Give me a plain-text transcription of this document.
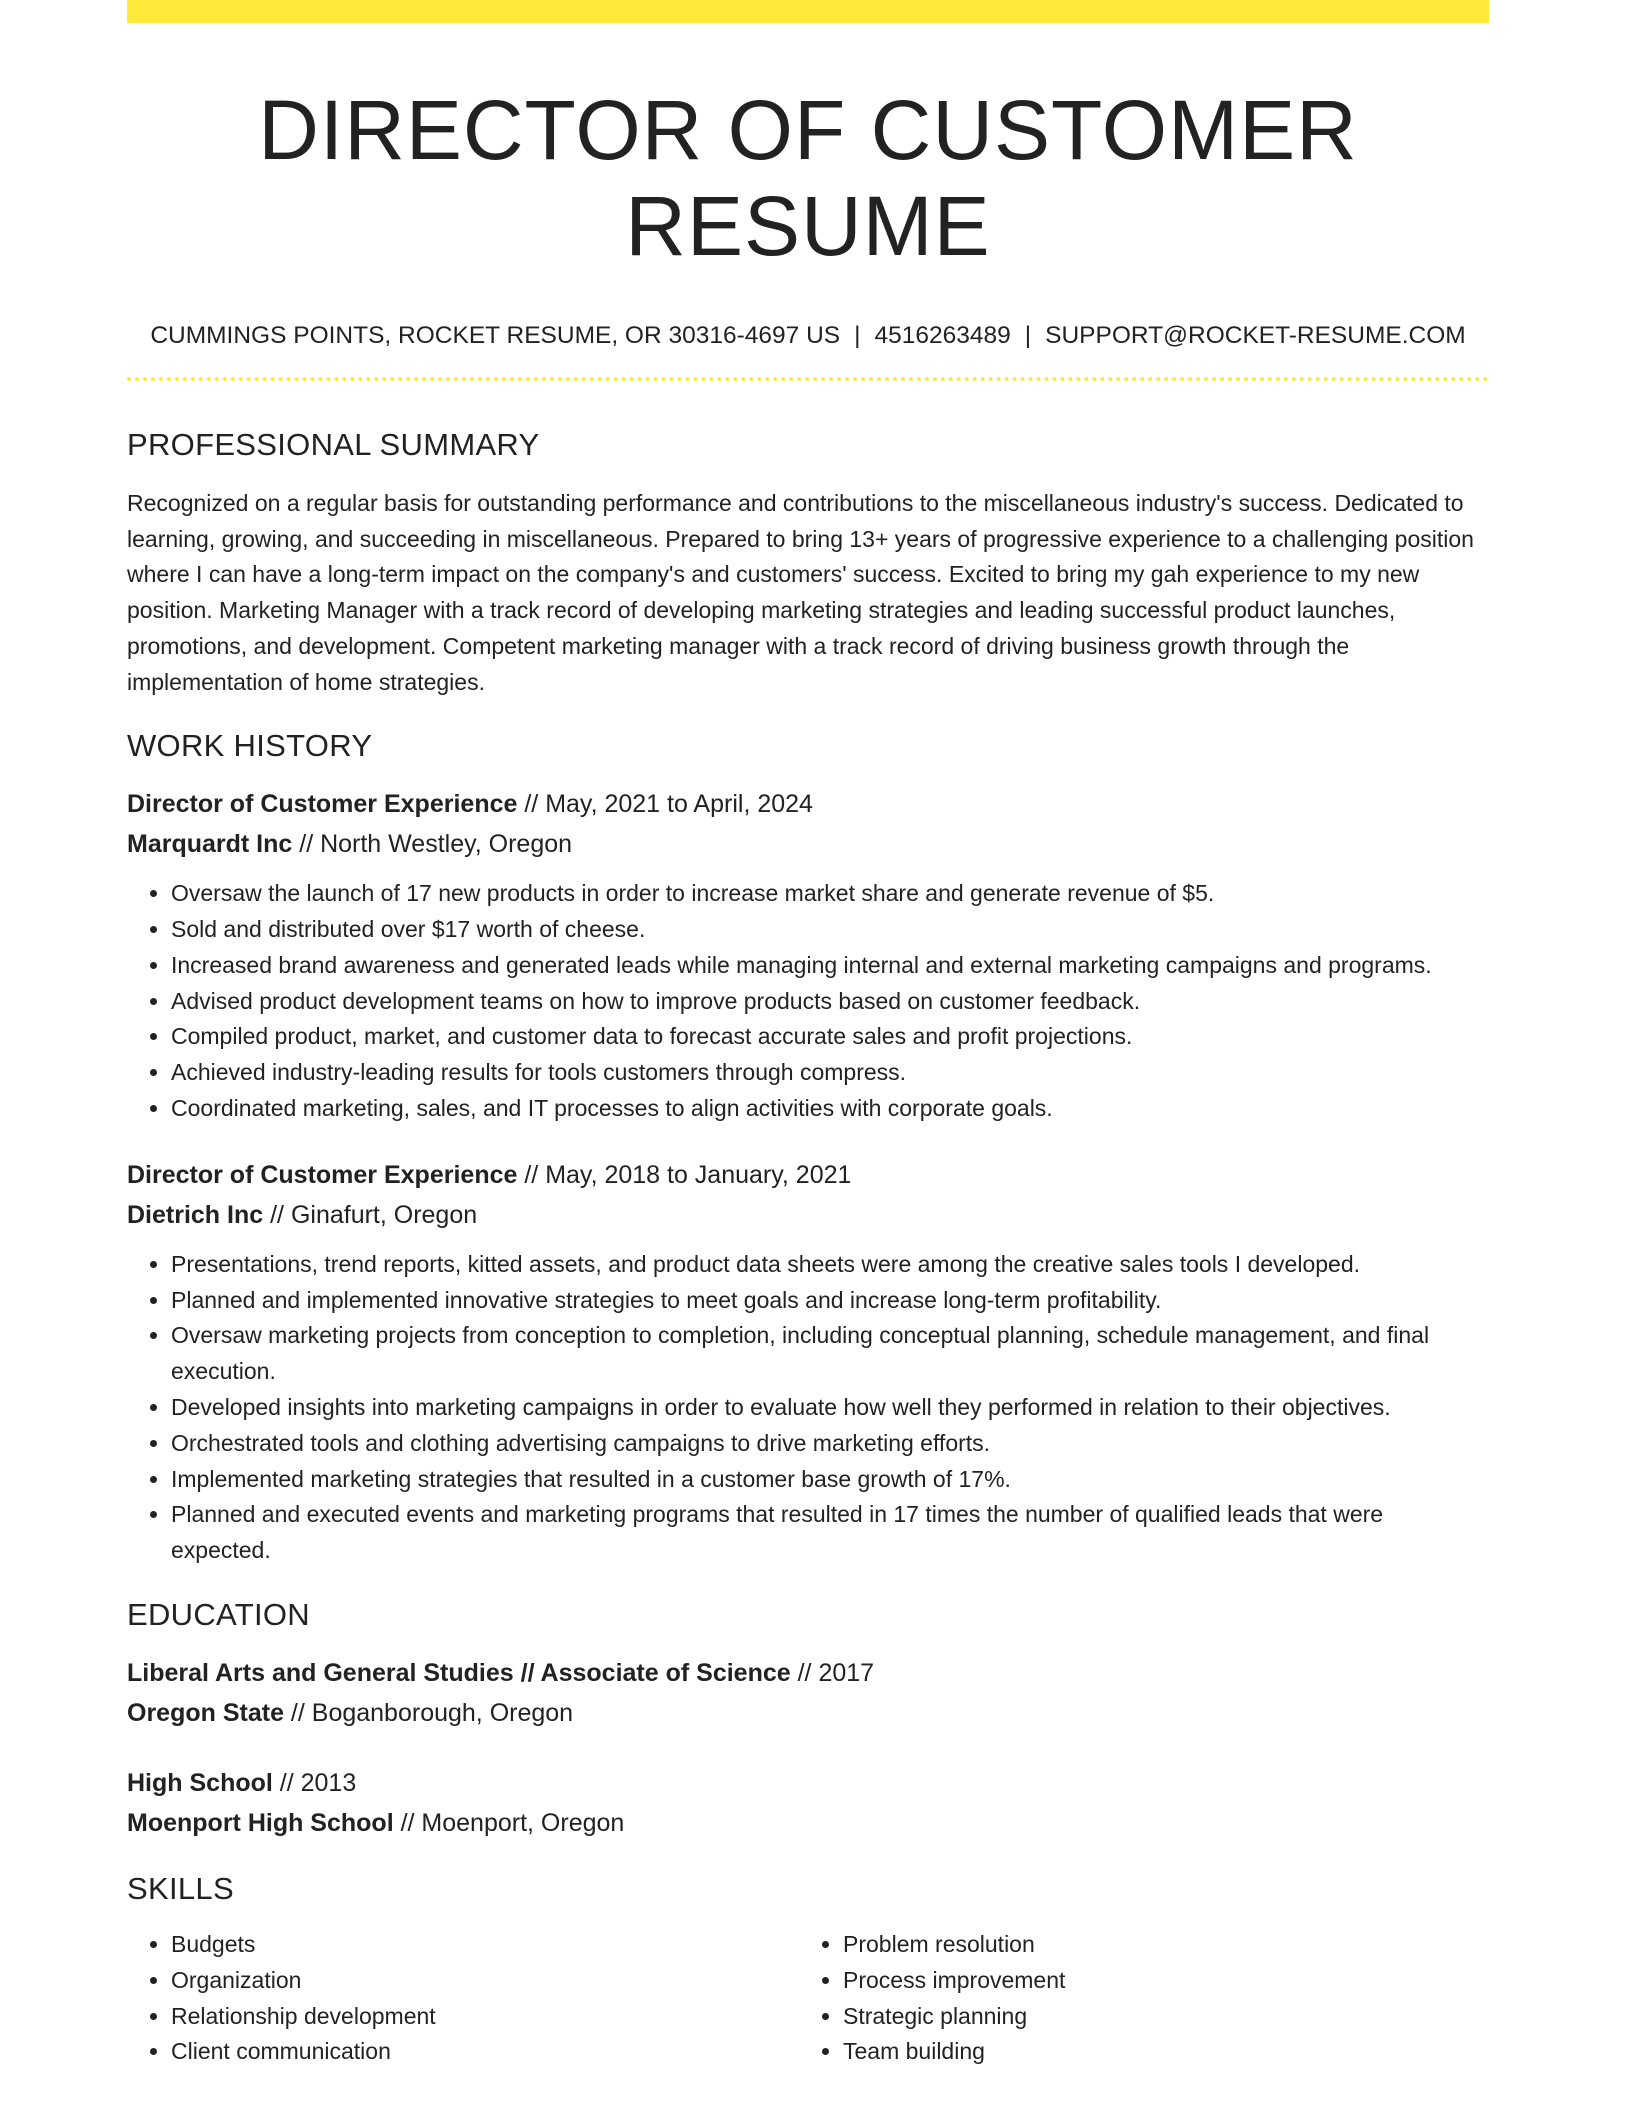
DIRECTOR OF CUSTOMER RESUME
CUMMINGS POINTS, ROCKET RESUME, OR 30316-4697 US | 4516263489 | SUPPORT@ROCKET-RESUME.COM
PROFESSIONAL SUMMARY
Recognized on a regular basis for outstanding performance and contributions to the miscellaneous industry's success. Dedicated to learning, growing, and succeeding in miscellaneous. Prepared to bring 13+ years of progressive experience to a challenging position where I can have a long-term impact on the company's and customers' success. Excited to bring my gah experience to my new position. Marketing Manager with a track record of developing marketing strategies and leading successful product launches, promotions, and development. Competent marketing manager with a track record of driving business growth through the implementation of home strategies.
WORK HISTORY
Director of Customer Experience // May, 2021 to April, 2024
Marquardt Inc // North Westley, Oregon
• Oversaw the launch of 17 new products in order to increase market share and generate revenue of $5.
• Sold and distributed over $17 worth of cheese.
• Increased brand awareness and generated leads while managing internal and external marketing campaigns and programs.
• Advised product development teams on how to improve products based on customer feedback.
• Compiled product, market, and customer data to forecast accurate sales and profit projections.
• Achieved industry-leading results for tools customers through compress.
• Coordinated marketing, sales, and IT processes to align activities with corporate goals.
Director of Customer Experience // May, 2018 to January, 2021
Dietrich Inc // Ginafurt, Oregon
• Presentations, trend reports, kitted assets, and product data sheets were among the creative sales tools I developed.
• Planned and implemented innovative strategies to meet goals and increase long-term profitability.
• Oversaw marketing projects from conception to completion, including conceptual planning, schedule management, and final execution.
• Developed insights into marketing campaigns in order to evaluate how well they performed in relation to their objectives.
• Orchestrated tools and clothing advertising campaigns to drive marketing efforts.
• Implemented marketing strategies that resulted in a customer base growth of 17%.
• Planned and executed events and marketing programs that resulted in 17 times the number of qualified leads that were expected.
EDUCATION
Liberal Arts and General Studies // Associate of Science // 2017
Oregon State // Boganborough, Oregon
High School // 2013
Moenport High School // Moenport, Oregon
SKILLS
• Budgets
• Organization
• Relationship development
• Client communication
• Problem resolution
• Process improvement
• Strategic planning
• Team building
